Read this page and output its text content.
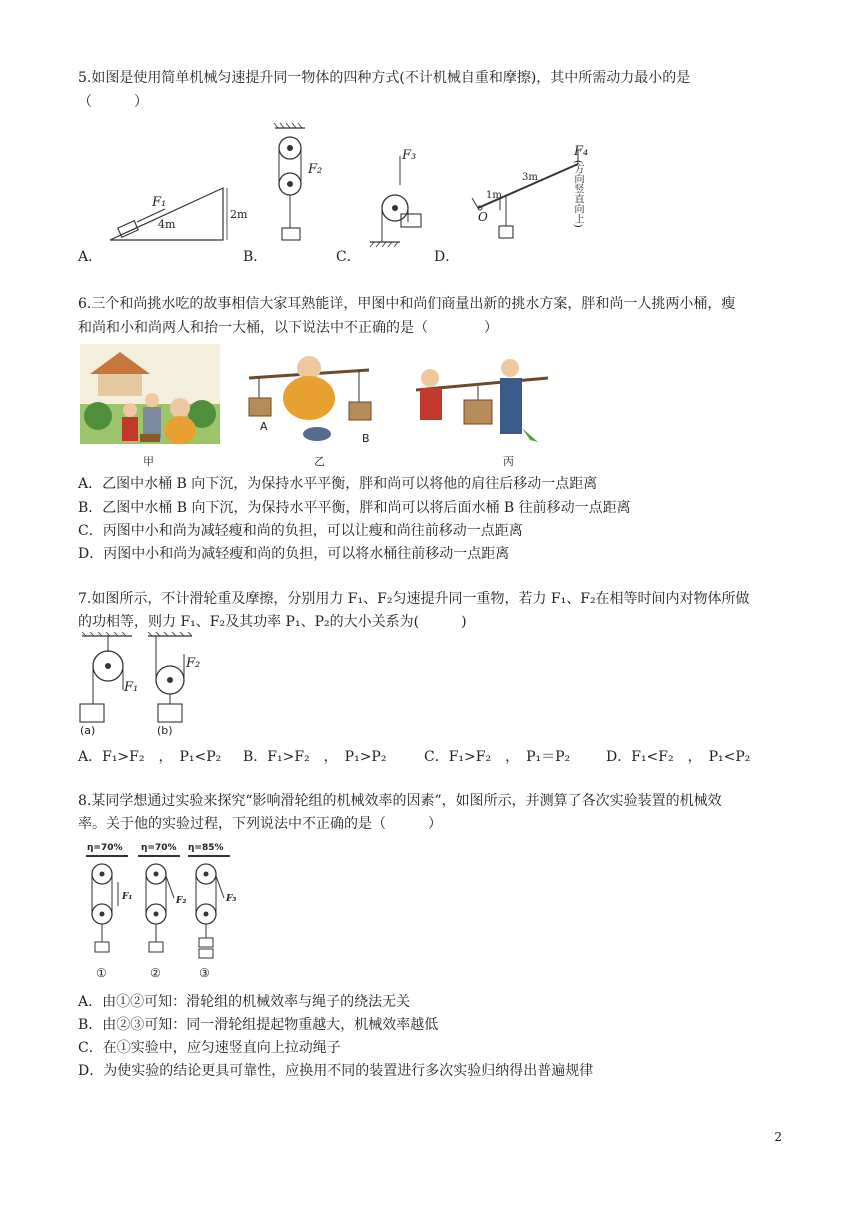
5.如图是使用简单机械匀速提升同一物体的四种方式(不计机械自重和摩擦)，其中所需动力最小的是
（　　　）
F₁
4m
2m
F₂
F₃	F₄
(方向竖直向上)
1m
3m
O
A．	B．	C．	D．
6.三个和尚挑水吃的故事相信大家耳熟能详，甲图中和尚们商量出新的挑水方案，胖和尚一人挑两小桶，瘦
和尚和小和尚两人和抬一大桶，以下说法中不正确的是（　　　　）
甲
A
B
乙	丙
A．乙图中水桶 B 向下沉，为保持水平平衡，胖和尚可以将他的肩往后移动一点距离
B．乙图中水桶 B 向下沉，为保持水平平衡，胖和尚可以将后面水桶 B 往前移动一点距离
C．丙图中小和尚为减轻瘦和尚的负担，可以让瘦和尚往前移动一点距离
D．丙图中小和尚为减轻瘦和尚的负担，可以将水桶往前移动一点距离
7.如图所示，不计滑轮重及摩擦，分别用力 F₁、F₂匀速提升同一重物，若力 F₁、F₂在相等时间内对物体所做
的功相等，则力 F₁、F₂及其功率 P₁、P₂的大小关系为(　　　)
F₁
F₂
(a)	(b)
A．F₁>F₂　，　P₁<P₂ B．F₁>F₂　，　P₁>P₂	C．F₁>F₂　，　P₁＝P₂	D．F₁<F₂　，　P₁<P₂
8.某同学想通过实验来探究“影响滑轮组的机械效率的因素”，如图所示，并测算了各次实验装置的机械效
率。关于他的实验过程，下列说法中不正确的是（　　　）
η=70% η=70% η=85%
F₁	F₂	F₃
①	②	③
A．由①②可知：滑轮组的机械效率与绳子的绕法无关
B．由②③可知：同一滑轮组提起物重越大，机械效率越低
C．在①实验中，应匀速竖直向上拉动绳子
D．为使实验的结论更具可靠性，应换用不同的装置进行多次实验归纳得出普遍规律
2
